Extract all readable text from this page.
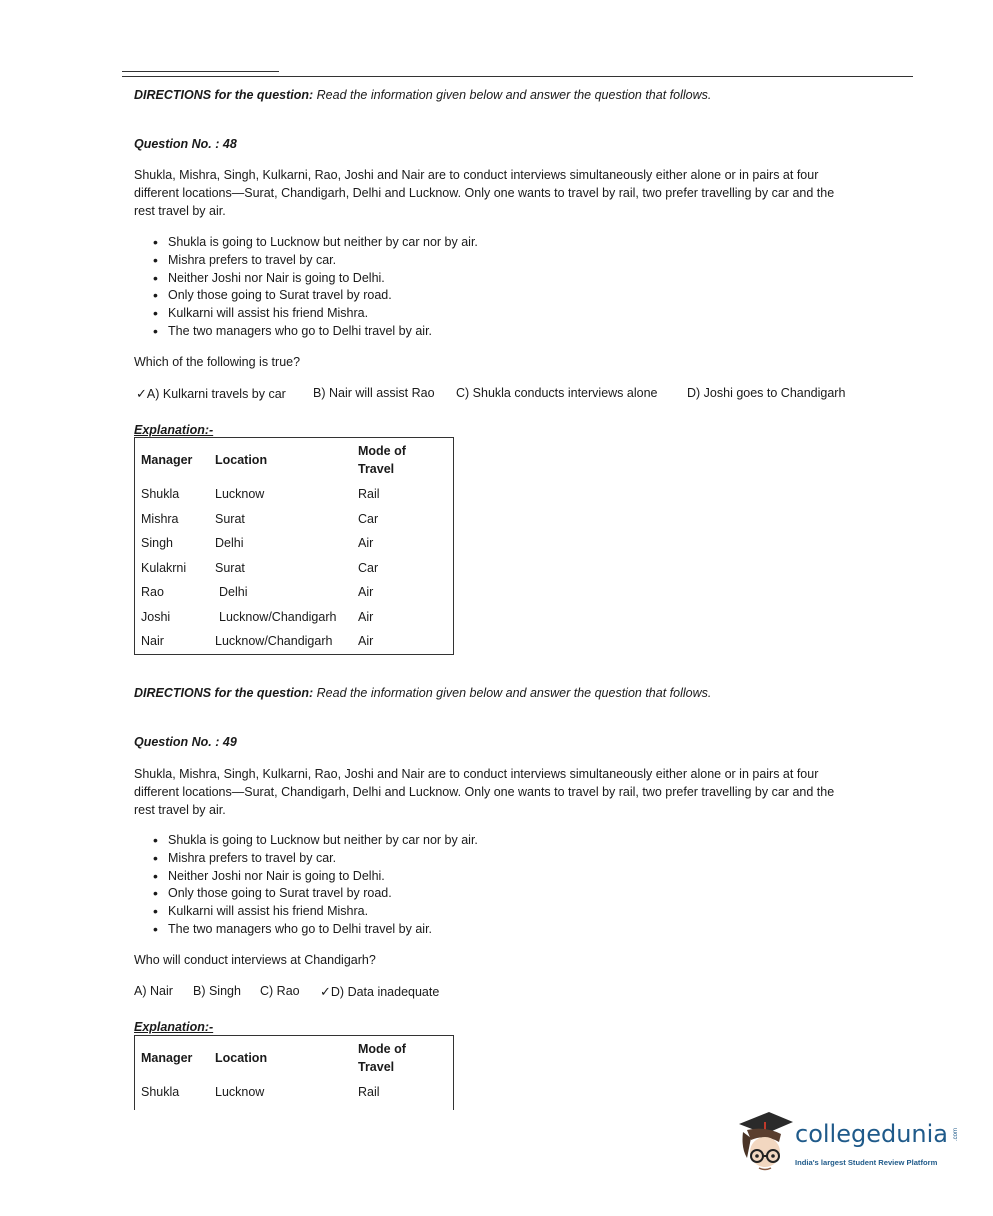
DIRECTIONS for the question: Read the information given below and answer the question that follows.
Question No. : 48
Shukla, Mishra, Singh, Kulkarni, Rao, Joshi and Nair are to conduct interviews simultaneously either alone or in pairs at four
different locations—Surat, Chandigarh, Delhi and Lucknow. Only one wants to travel by rail, two prefer travelling by car and the
rest travel by air.
• Shukla is going to Lucknow but neither by car nor by air.
• Mishra prefers to travel by car.
• Neither Joshi nor Nair is going to Delhi.
• Only those going to Surat travel by road.
• Kulkarni will assist his friend Mishra.
• The two managers who go to Delhi travel by air.
Which of the following is true?
✓A) Kulkarni travels by car B) Nair will assist Rao C) Shukla conducts interviews alone D) Joshi goes to Chandigarh
Explanation:-
Manager Location
Mode of
Travel
Shukla	Lucknow	Rail
Mishra	Surat	Car
Singh	Delhi	Air
Kulakrni Surat	Car
Rao	Delhi	Air
Joshi	Lucknow/Chandigarh Air
Nair	Lucknow/Chandigarh Air
DIRECTIONS for the question: Read the information given below and answer the question that follows.
Question No. : 49
Shukla, Mishra, Singh, Kulkarni, Rao, Joshi and Nair are to conduct interviews simultaneously either alone or in pairs at four
different locations—Surat, Chandigarh, Delhi and Lucknow. Only one wants to travel by rail, two prefer travelling by car and the
rest travel by air.
• Shukla is going to Lucknow but neither by car nor by air.
• Mishra prefers to travel by car.
• Neither Joshi nor Nair is going to Delhi.
• Only those going to Surat travel by road.
• Kulkarni will assist his friend Mishra.
• The two managers who go to Delhi travel by air.
Who will conduct interviews at Chandigarh?
A) Nair B) Singh C) Rao ✓D) Data inadequate
Explanation:-
Manager Location
Mode of
Travel
Shukla	Lucknow	Rail
collegedunia .com
India's largest Student Review Platform
